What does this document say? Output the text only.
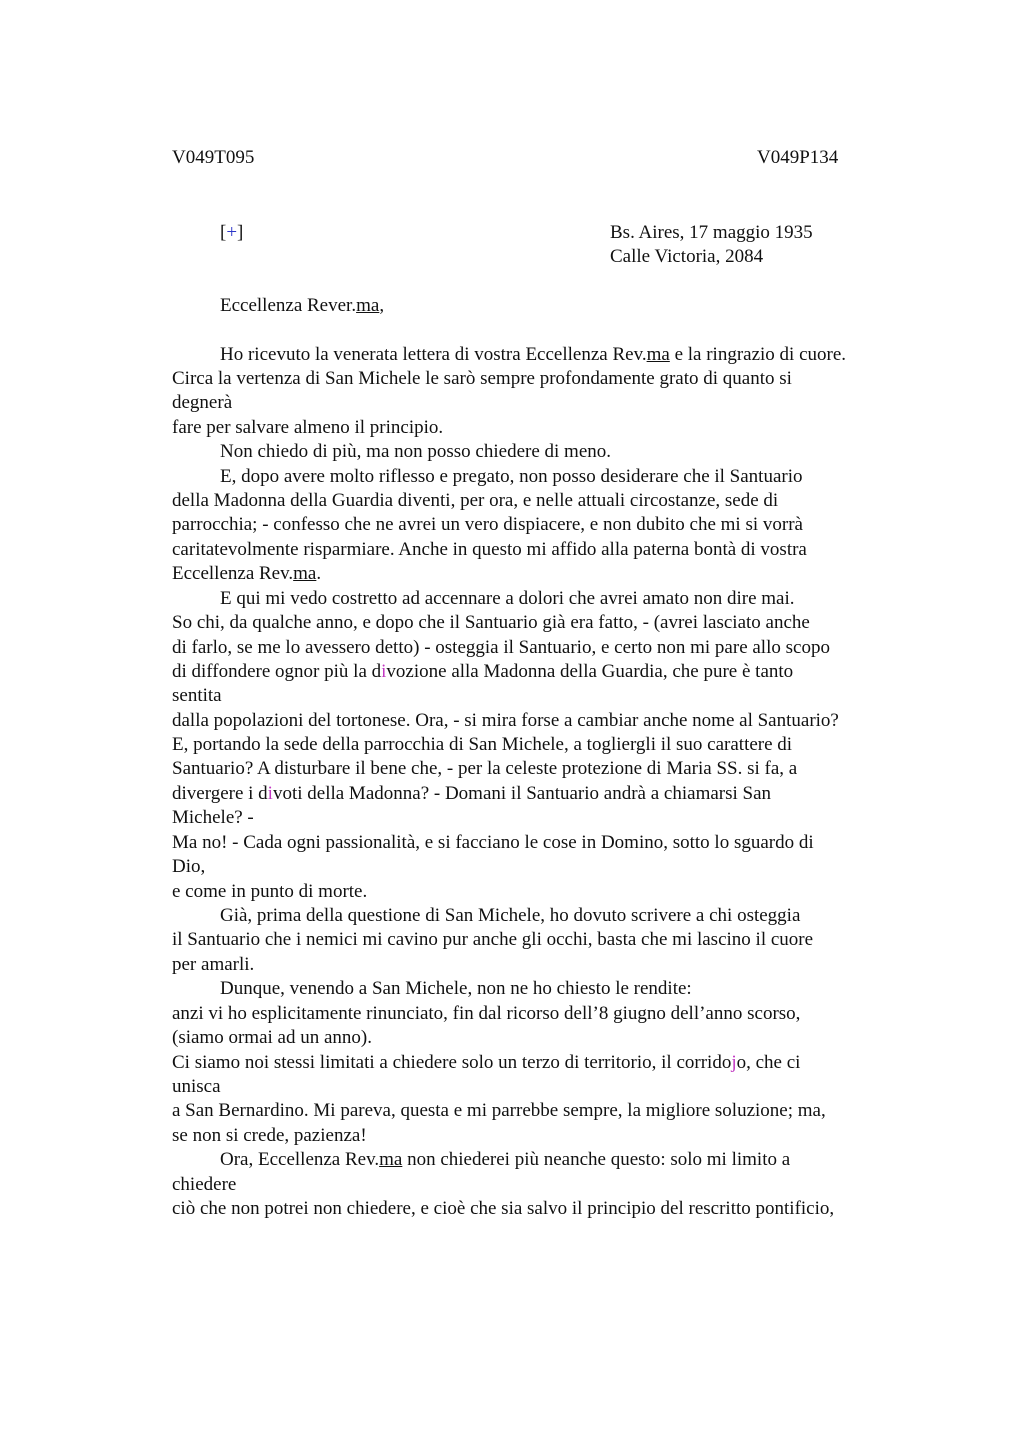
V049T095	V049P134
[+]	Bs. Aires, 17 maggio 1935
Calle Victoria, 2084
Eccellenza Rever.ma,
Ho ricevuto la venerata lettera di vostra Eccellenza Rev.ma e la ringrazio di cuore.
Circa la vertenza di San Michele le sarò sempre profondamente grato di quanto si
degnerà
fare per salvare almeno il principio.
Non chiedo di più, ma non posso chiedere di meno.
E, dopo avere molto riflesso e pregato, non posso desiderare che il Santuario
della Madonna della Guardia diventi, per ora, e nelle attuali circostanze, sede di
parrocchia; - confesso che ne avrei un vero dispiacere, e non dubito che mi si vorrà
caritatevolmente risparmiare. Anche in questo mi affido alla paterna bontà di vostra
Eccellenza Rev.ma.
E qui mi vedo costretto ad accennare a dolori che avrei amato non dire mai.
So chi, da qualche anno, e dopo che il Santuario già era fatto, - (avrei lasciato anche
di farlo, se me lo avessero detto) - osteggia il Santuario, e certo non mi pare allo scopo
di diffondere ognor più la divozione alla Madonna della Guardia, che pure è tanto
sentita
dalla popolazioni del tortonese. Ora, - si mira forse a cambiar anche nome al Santuario?
E, portando la sede della parrocchia di San Michele, a togliergli il suo carattere di
Santuario? A disturbare il bene che, - per la celeste protezione di Maria SS. si fa, a
divergere i divoti della Madonna? - Domani il Santuario andrà a chiamarsi San
Michele? -
Ma no! - Cada ogni passionalità, e si facciano le cose in Domino, sotto lo sguardo di
Dio,
e come in punto di morte.
Già, prima della questione di San Michele, ho dovuto scrivere a chi osteggia
il Santuario che i nemici mi cavino pur anche gli occhi, basta che mi lascino il cuore
per amarli.
Dunque, venendo a San Michele, non ne ho chiesto le rendite:
anzi vi ho esplicitamente rinunciato, fin dal ricorso dell’8 giugno dell’anno scorso,
(siamo ormai ad un anno).
Ci siamo noi stessi limitati a chiedere solo un terzo di territorio, il corridojo, che ci
unisca
a San Bernardino. Mi pareva, questa e mi parrebbe sempre, la migliore soluzione; ma,
se non si crede, pazienza!
Ora, Eccellenza Rev.ma non chiederei più neanche questo: solo mi limito a
chiedere
ciò che non potrei non chiedere, e cioè che sia salvo il principio del rescritto pontificio,
